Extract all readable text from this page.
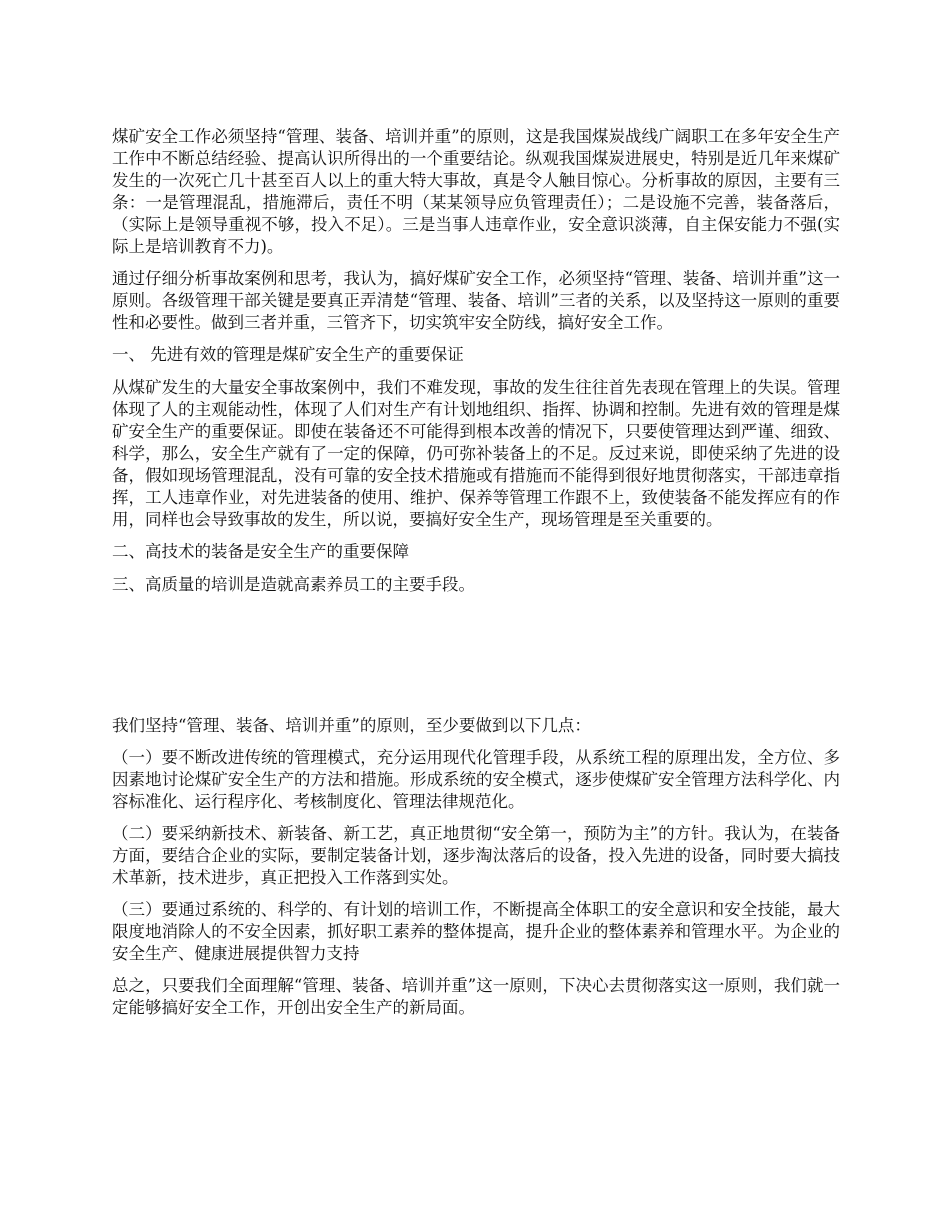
煤矿安全工作必须坚持“管理、装备、培训并重”的原则，这是我国煤炭战线广阔职工在多年安全生产工作中不断总结经验、提高认识所得出的一个重要结论。纵观我国煤炭进展史，特别是近几年来煤矿发生的一次死亡几十甚至百人以上的重大特大事故，真是令人触目惊心。分析事故的原因，主要有三条：一是管理混乱，措施滞后，责任不明（某某领导应负管理责任）；二是设施不完善，装备落后，（实际上是领导重视不够，投入不足）。三是当事人违章作业，安全意识淡薄，自主保安能力不强(实际上是培训教育不力)。

通过仔细分析事故案例和思考，我认为，搞好煤矿安全工作，必须坚持“管理、装备、培训并重”这一原则。各级管理干部关键是要真正弄清楚“管理、装备、培训”三者的关系，以及坚持这一原则的重要性和必要性。做到三者并重，三管齐下，切实筑牢安全防线，搞好安全工作。

一、 先进有效的管理是煤矿安全生产的重要保证

从煤矿发生的大量安全事故案例中，我们不难发现，事故的发生往往首先表现在管理上的失误。管理体现了人的主观能动性，体现了人们对生产有计划地组织、指挥、协调和控制。先进有效的管理是煤矿安全生产的重要保证。即使在装备还不可能得到根本改善的情况下，只要使管理达到严谨、细致、科学，那么，安全生产就有了一定的保障，仍可弥补装备上的不足。反过来说，即使采纳了先进的设备，假如现场管理混乱，没有可靠的安全技术措施或有措施而不能得到很好地贯彻落实，干部违章指挥，工人违章作业，对先进装备的使用、维护、保养等管理工作跟不上，致使装备不能发挥应有的作用，同样也会导致事故的发生，所以说，要搞好安全生产，现场管理是至关重要的。

二、高技术的装备是安全生产的重要保障

三、高质量的培训是造就高素养员工的主要手段。

我们坚持“管理、装备、培训并重”的原则，至少要做到以下几点：

（一）要不断改进传统的管理模式，充分运用现代化管理手段，从系统工程的原理出发，全方位、多因素地讨论煤矿安全生产的方法和措施。形成系统的安全模式，逐步使煤矿安全管理方法科学化、内容标准化、运行程序化、考核制度化、管理法律规范化。

（二）要采纳新技术、新装备、新工艺，真正地贯彻“安全第一，预防为主”的方针。我认为，在装备方面，要结合企业的实际，要制定装备计划，逐步淘汰落后的设备，投入先进的设备，同时要大搞技术革新，技术进步，真正把投入工作落到实处。

（三）要通过系统的、科学的、有计划的培训工作，不断提高全体职工的安全意识和安全技能，最大限度地消除人的不安全因素，抓好职工素养的整体提高，提升企业的整体素养和管理水平。为企业的安全生产、健康进展提供智力支持

总之，只要我们全面理解“管理、装备、培训并重”这一原则，下决心去贯彻落实这一原则，我们就一定能够搞好安全工作，开创出安全生产的新局面。
